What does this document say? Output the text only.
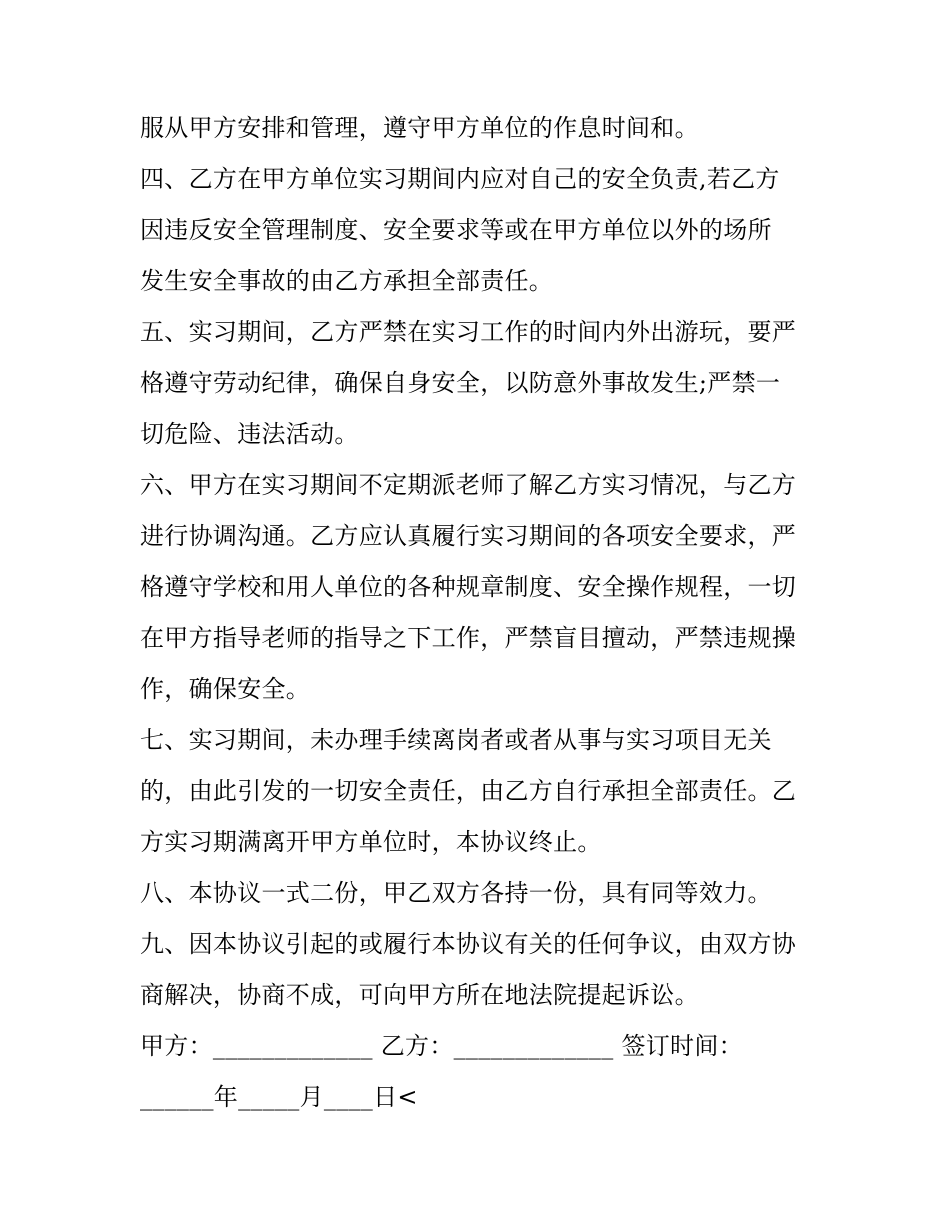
服从甲方安排和管理，遵守甲方单位的作息时间和。
四、乙方在甲方单位实习期间内应对自己的安全负责,若乙方
因违反安全管理制度、安全要求等或在甲方单位以外的场所
发生安全事故的由乙方承担全部责任。
五、实习期间，乙方严禁在实习工作的时间内外出游玩，要严
格遵守劳动纪律，确保自身安全，以防意外事故发生;严禁一
切危险、违法活动。
六、甲方在实习期间不定期派老师了解乙方实习情况，与乙方
进行协调沟通。乙方应认真履行实习期间的各项安全要求，严
格遵守学校和用人单位的各种规章制度、安全操作规程，一切
在甲方指导老师的指导之下工作，严禁盲目擅动，严禁违规操
作，确保安全。
七、实习期间，未办理手续离岗者或者从事与实习项目无关
的，由此引发的一切安全责任，由乙方自行承担全部责任。乙
方实习期满离开甲方单位时，本协议终止。
八、本协议一式二份，甲乙双方各持一份，具有同等效力。
九、因本协议引起的或履行本协议有关的任何争议，由双方协
商解决，协商不成，可向甲方所在地法院提起诉讼。
甲方：_____________ 乙方：_____________ 签订时间：
______年_____月____日<
